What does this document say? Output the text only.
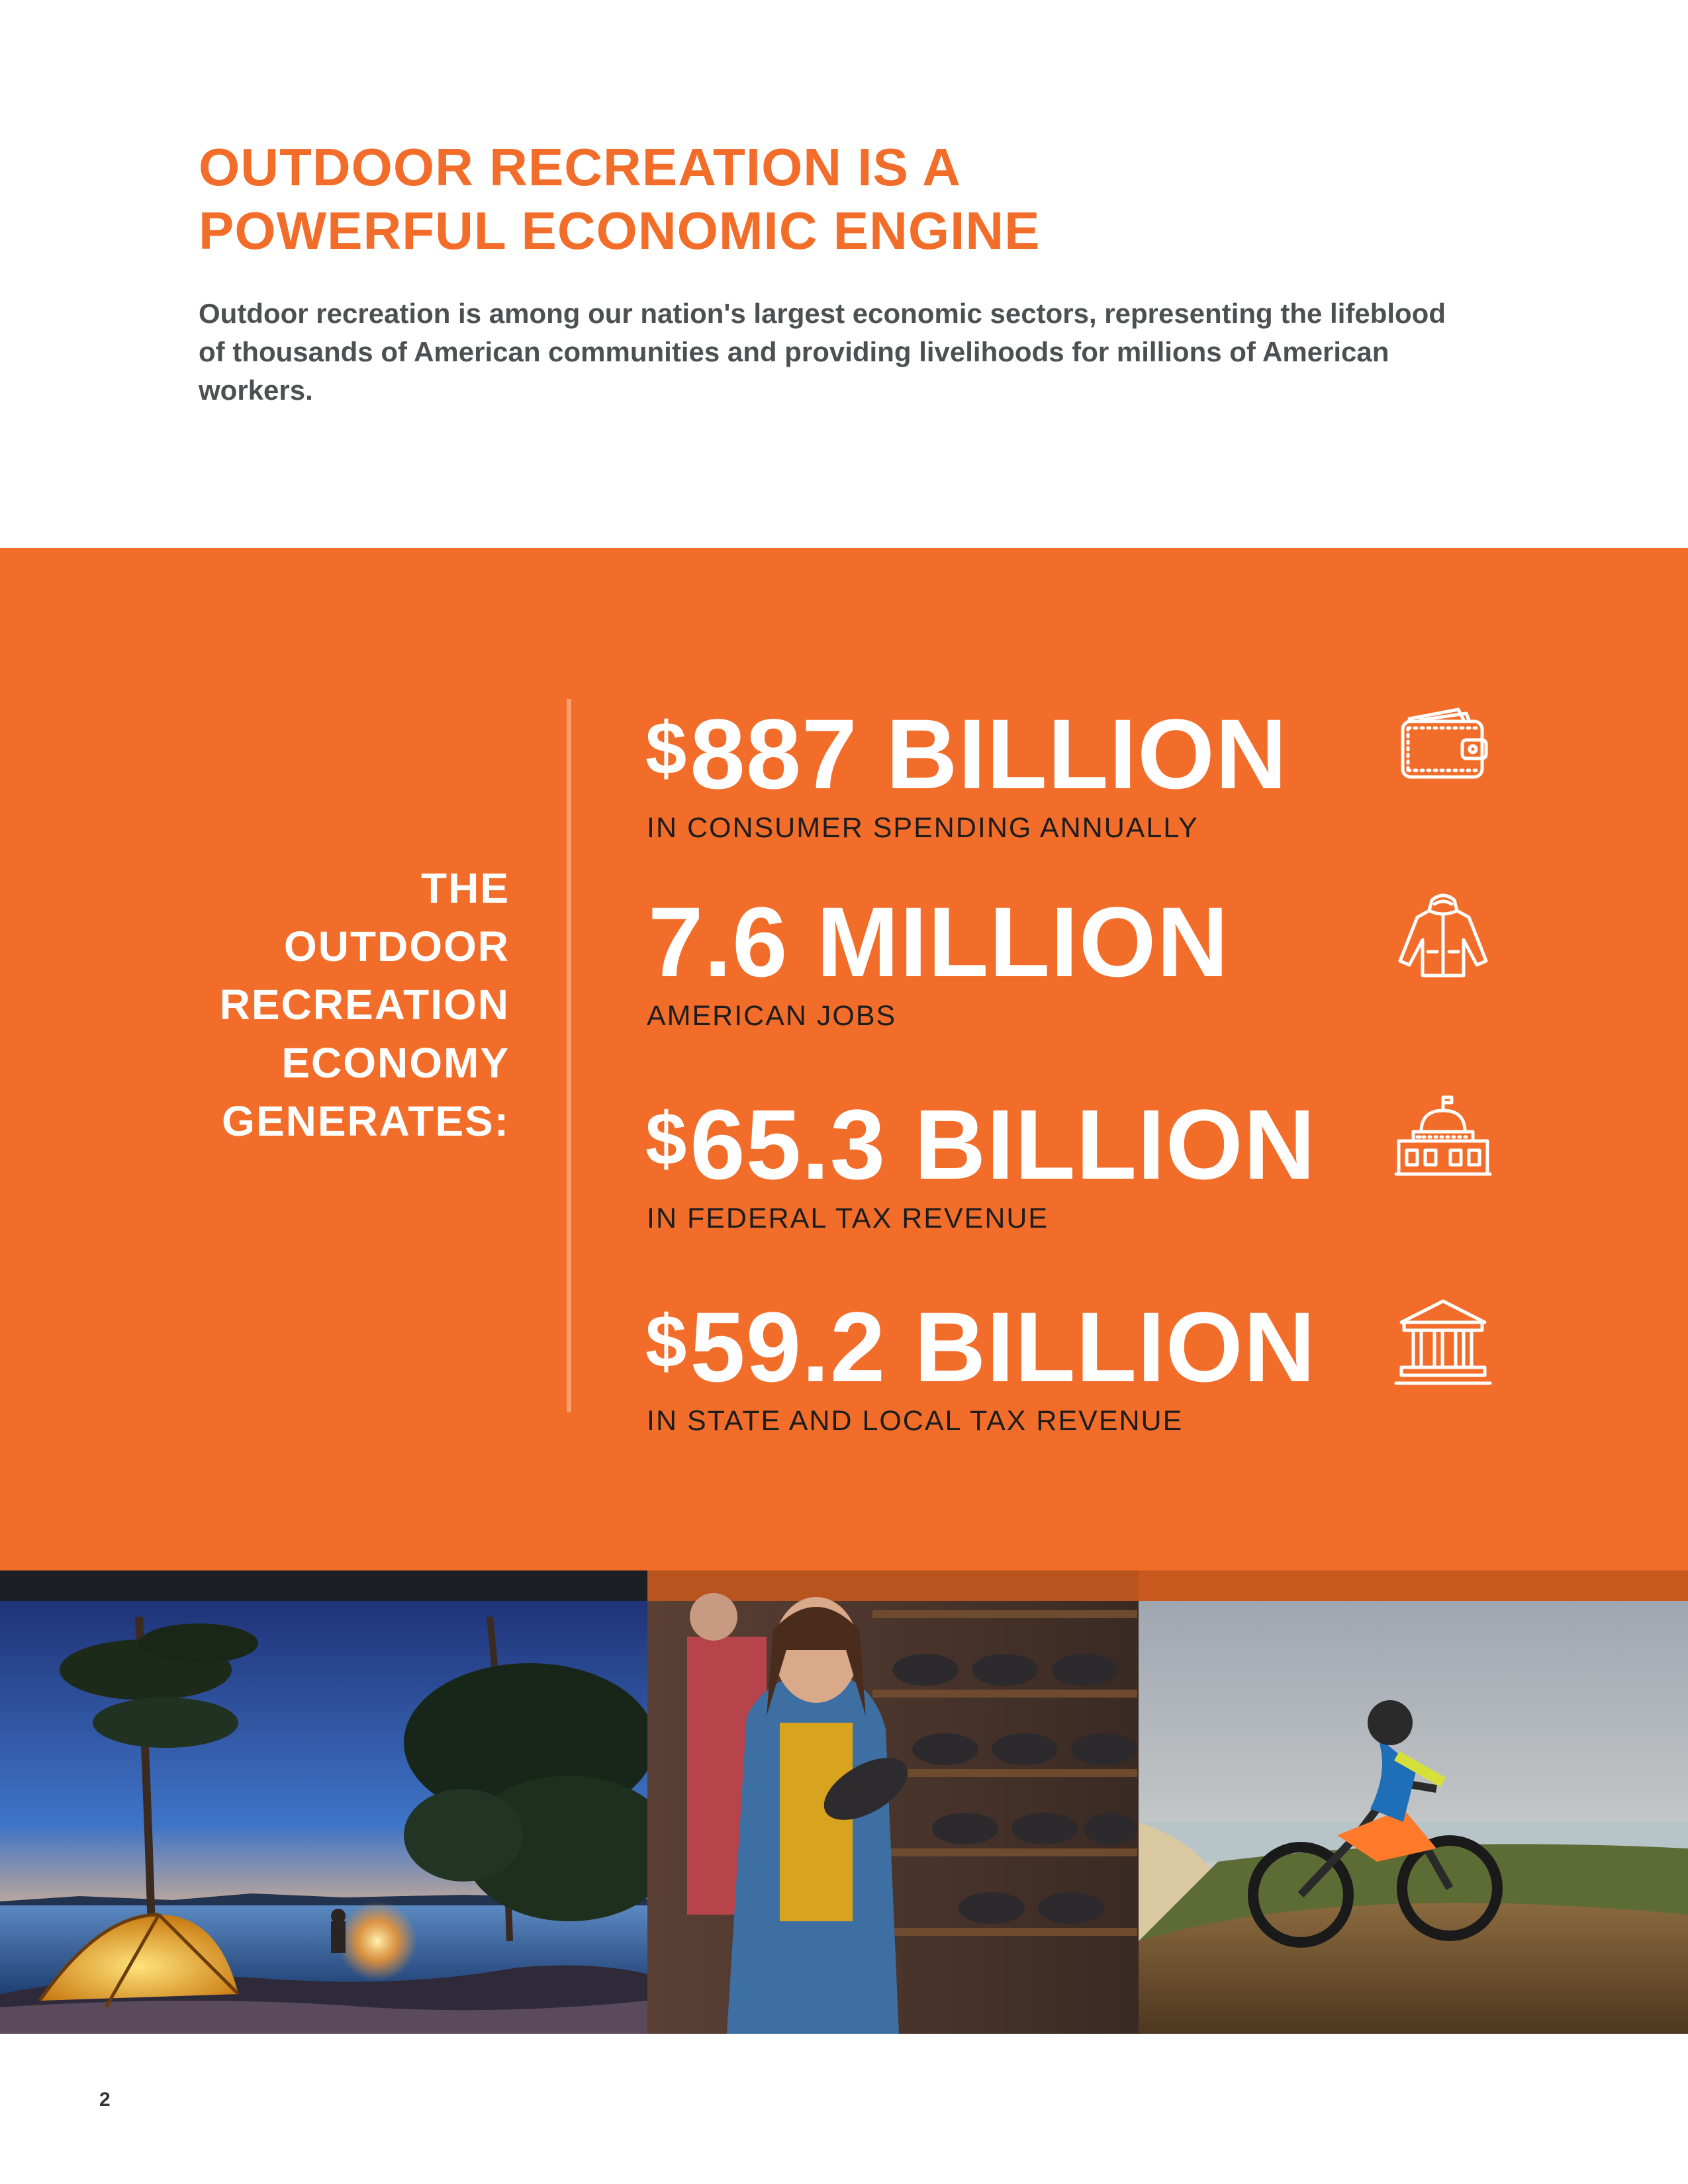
OUTDOOR RECREATION IS A
POWERFUL ECONOMIC ENGINE

Outdoor recreation is among our nation's largest economic sectors, representing the lifeblood of thousands of American communities and providing livelihoods for millions of American workers.

THE
OUTDOOR
RECREATION
ECONOMY
GENERATES:

$887 BILLION

IN CONSUMER SPENDING ANNUALLY

7.6 MILLION

AMERICAN JOBS

$65.3 BILLION

IN FEDERAL TAX REVENUE

$59.2 BILLION

IN STATE AND LOCAL TAX REVENUE

2
